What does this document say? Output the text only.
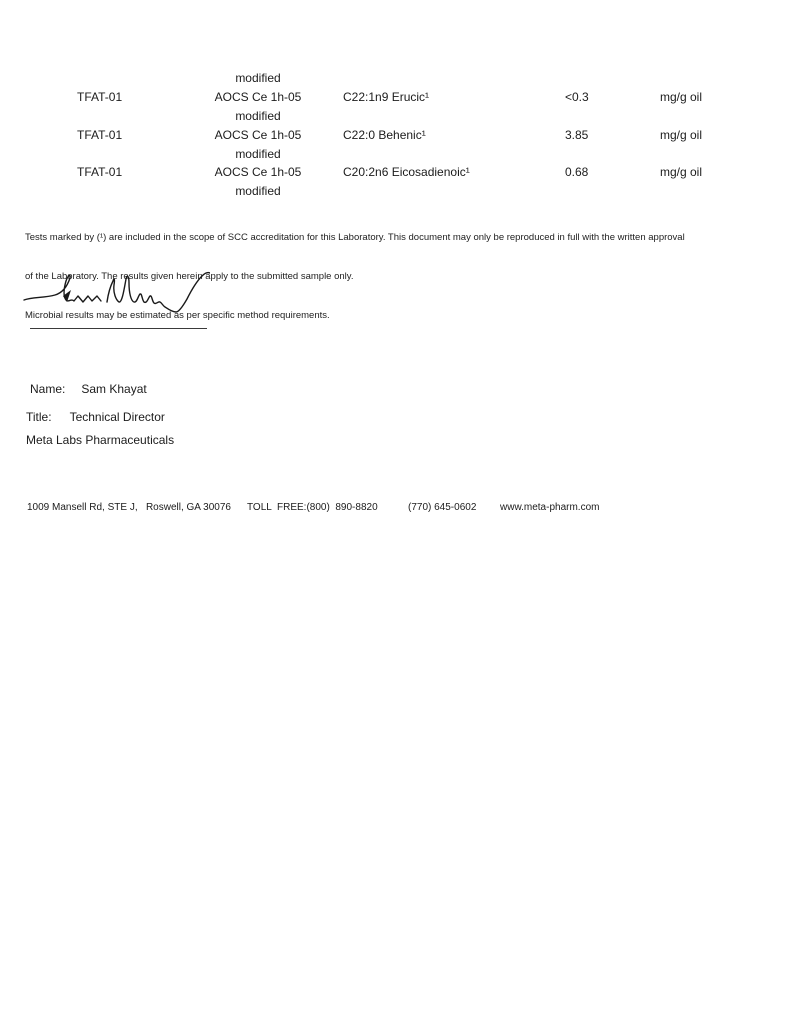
modified
TFAT-01	AOCS Ce 1h-05	C22:1n9 Erucic¹	<0.3	mg/g oil
modified
TFAT-01	AOCS Ce 1h-05	C22:0 Behenic¹	3.85	mg/g oil
modified
TFAT-01	AOCS Ce 1h-05	C20:2n6 Eicosadienoic¹	0.68	mg/g oil
modified

Tests marked by (¹) are included in the scope of SCC accreditation for this Laboratory. This document may only be reproduced in full with the written approval

of the Laboratory. The results given herein apply to the submitted sample only.

Microbial results may be estimated as per specific method requirements.

Name: Sam Khayat
Title: Technical Director
Meta Labs Pharmaceuticals
1009 Mansell Rd, STE J,   Roswell, GA 30076 TOLL  FREE:(800)  890-8820	(770) 645-0602 www.meta-pharm.com
